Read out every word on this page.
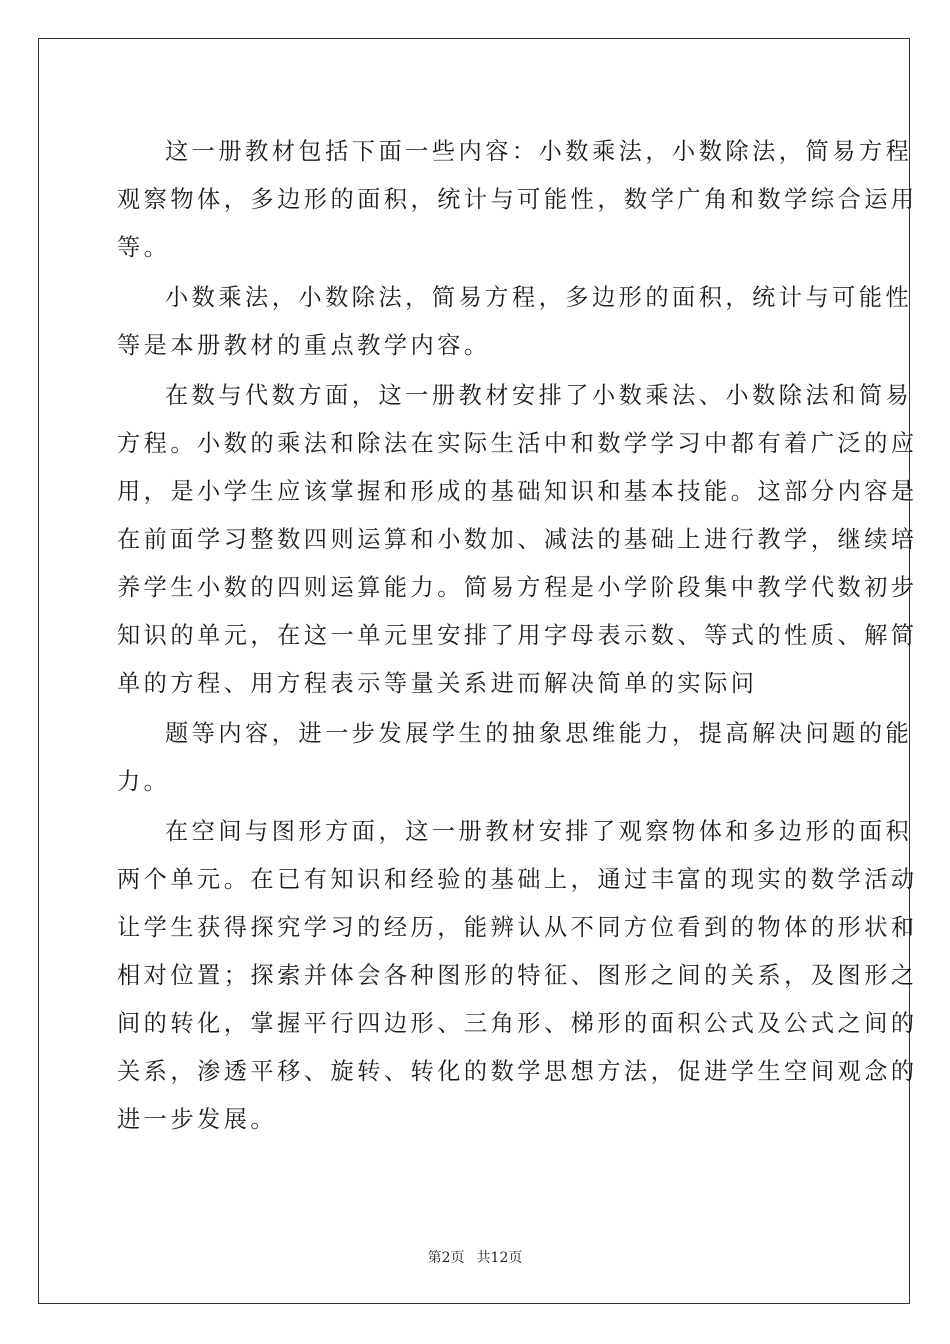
这一册教材包括下面一些内容：小数乘法，小数除法，简易方程
观察物体，多边形的面积，统计与可能性，数学广角和数学综合运用
等。
小数乘法，小数除法，简易方程，多边形的面积，统计与可能性
等是本册教材的重点教学内容。
在数与代数方面，这一册教材安排了小数乘法、小数除法和简易
方程。小数的乘法和除法在实际生活中和数学学习中都有着广泛的应
用，是小学生应该掌握和形成的基础知识和基本技能。这部分内容是
在前面学习整数四则运算和小数加、减法的基础上进行教学，继续培
养学生小数的四则运算能力。简易方程是小学阶段集中教学代数初步
知识的单元，在这一单元里安排了用字母表示数、等式的性质、解简
单的方程、用方程表示等量关系进而解决简单的实际问
题等内容，进一步发展学生的抽象思维能力，提高解决问题的能
力。
在空间与图形方面，这一册教材安排了观察物体和多边形的面积
两个单元。在已有知识和经验的基础上，通过丰富的现实的数学活动
让学生获得探究学习的经历，能辨认从不同方位看到的物体的形状和
相对位置；探索并体会各种图形的特征、图形之间的关系，及图形之
间的转化，掌握平行四边形、三角形、梯形的面积公式及公式之间的
关系，渗透平移、旋转、转化的数学思想方法，促进学生空间观念的
进一步发展。
第2页 共12页
